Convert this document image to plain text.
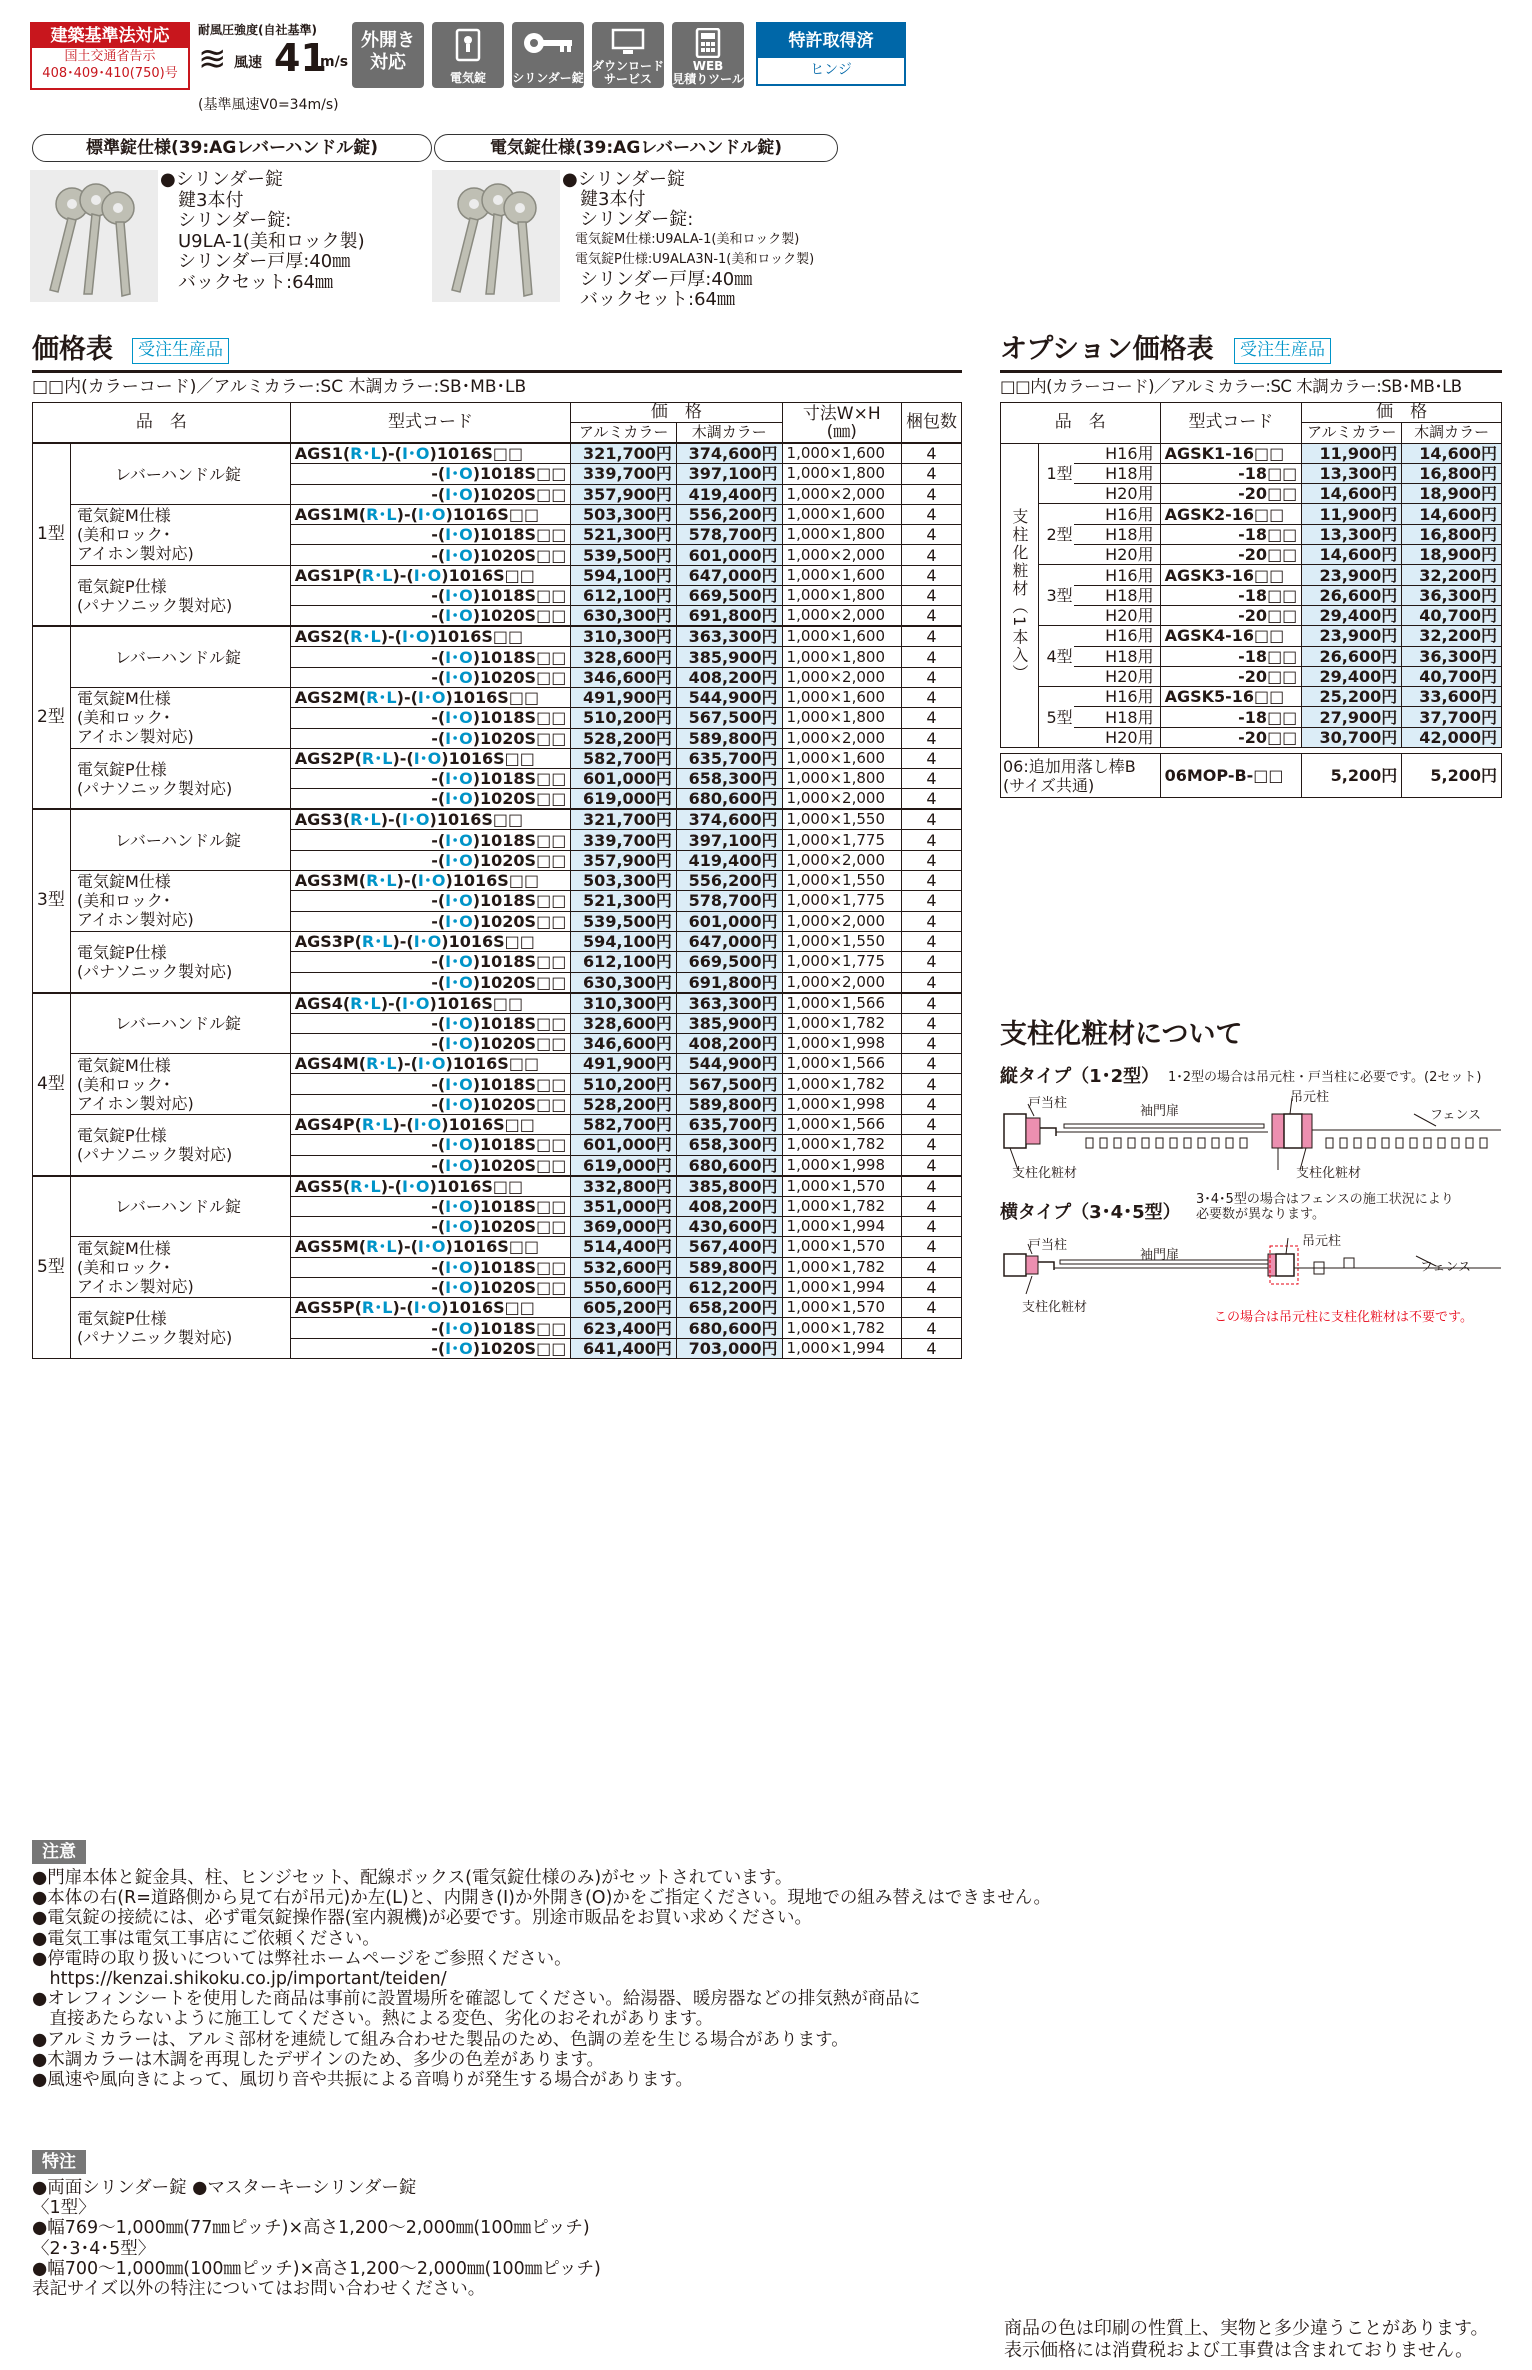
建築基準法対応
国土交通省告示
408･409･410(750)号
耐風圧強度(自社基準)
≋ 風速 41
m/s
(基準風速V0=34m/s)
外開き
対応
電気錠	シリンダー錠
ダウンロード
サービス
WEB
見積りツール
特許取得済
ヒンジ
標準錠仕様(39:AGレバーハンドル錠)	電気錠仕様(39:AGレバーハンドル錠)
●シリンダー錠
　鍵3本付
　シリンダー錠:
　U9LA-1(美和ロック製)
　シリンダー戸厚:40㎜
　バックセット:64㎜
●シリンダー錠
　鍵3本付
　シリンダー錠:
　電気錠M仕様:U9ALA-1(美和ロック製)
　電気錠P仕様:U9ALA3N-1(美和ロック製)
　シリンダー戸厚:40㎜
　バックセット:64㎜
価格表	受注生産品
□□内(カラーコード)／アルミカラー:SC 木調カラー:SB･MB･LB
品　名		型式コード	価　格		寸法W×H
(㎜)	梱包数
			アルミカラー	木調カラー		
1型	レバーハンドル錠	AGS1(R･L)-(I･O)1016S□□	321,700円	374,600円	1,000×1,600	4
		-(I･O)1018S□□	339,700円	397,100円	1,000×1,800	4
		-(I･O)1020S□□	357,900円	419,400円	1,000×2,000	4

	電気錠M仕様
(美和ロック･
アイホン製対応)	AGS1M(R･L)-(I･O)1016S□□	503,300円	556,200円	1,000×1,600	4
		-(I･O)1018S□□	521,300円	578,700円	1,000×1,800	4
		-(I･O)1020S□□	539,500円	601,000円	1,000×2,000	4

	電気錠P仕様
(パナソニック製対応)	AGS1P(R･L)-(I･O)1016S□□	594,100円	647,000円	1,000×1,600	4
		-(I･O)1018S□□	612,100円	669,500円	1,000×1,800	4
		-(I･O)1020S□□	630,300円	691,800円	1,000×2,000	4
2型	レバーハンドル錠	AGS2(R･L)-(I･O)1016S□□	310,300円	363,300円	1,000×1,600	4
		-(I･O)1018S□□	328,600円	385,900円	1,000×1,800	4
		-(I･O)1020S□□	346,600円	408,200円	1,000×2,000	4

	電気錠M仕様
(美和ロック･
アイホン製対応)	AGS2M(R･L)-(I･O)1016S□□	491,900円	544,900円	1,000×1,600	4
		-(I･O)1018S□□	510,200円	567,500円	1,000×1,800	4
		-(I･O)1020S□□	528,200円	589,800円	1,000×2,000	4

	電気錠P仕様
(パナソニック製対応)	AGS2P(R･L)-(I･O)1016S□□	582,700円	635,700円	1,000×1,600	4
		-(I･O)1018S□□	601,000円	658,300円	1,000×1,800	4
		-(I･O)1020S□□	619,000円	680,600円	1,000×2,000	4
3型	レバーハンドル錠	AGS3(R･L)-(I･O)1016S□□	321,700円	374,600円	1,000×1,550	4
		-(I･O)1018S□□	339,700円	397,100円	1,000×1,775	4
		-(I･O)1020S□□	357,900円	419,400円	1,000×2,000	4

	電気錠M仕様
(美和ロック･
アイホン製対応)	AGS3M(R･L)-(I･O)1016S□□	503,300円	556,200円	1,000×1,550	4
		-(I･O)1018S□□	521,300円	578,700円	1,000×1,775	4
		-(I･O)1020S□□	539,500円	601,000円	1,000×2,000	4

	電気錠P仕様
(パナソニック製対応)	AGS3P(R･L)-(I･O)1016S□□	594,100円	647,000円	1,000×1,550	4
		-(I･O)1018S□□	612,100円	669,500円	1,000×1,775	4
		-(I･O)1020S□□	630,300円	691,800円	1,000×2,000	4
4型	レバーハンドル錠	AGS4(R･L)-(I･O)1016S□□	310,300円	363,300円	1,000×1,566	4
		-(I･O)1018S□□	328,600円	385,900円	1,000×1,782	4
		-(I･O)1020S□□	346,600円	408,200円	1,000×1,998	4

	電気錠M仕様
(美和ロック･
アイホン製対応)	AGS4M(R･L)-(I･O)1016S□□	491,900円	544,900円	1,000×1,566	4
		-(I･O)1018S□□	510,200円	567,500円	1,000×1,782	4
		-(I･O)1020S□□	528,200円	589,800円	1,000×1,998	4

	電気錠P仕様
(パナソニック製対応)	AGS4P(R･L)-(I･O)1016S□□	582,700円	635,700円	1,000×1,566	4
		-(I･O)1018S□□	601,000円	658,300円	1,000×1,782	4
		-(I･O)1020S□□	619,000円	680,600円	1,000×1,998	4
5型	レバーハンドル錠	AGS5(R･L)-(I･O)1016S□□	332,800円	385,800円	1,000×1,570	4
		-(I･O)1018S□□	351,000円	408,200円	1,000×1,782	4
		-(I･O)1020S□□	369,000円	430,600円	1,000×1,994	4

	電気錠M仕様
(美和ロック･
アイホン製対応)	AGS5M(R･L)-(I･O)1016S□□	514,400円	567,400円	1,000×1,570	4
		-(I･O)1018S□□	532,600円	589,800円	1,000×1,782	4
		-(I･O)1020S□□	550,600円	612,200円	1,000×1,994	4

	電気錠P仕様
(パナソニック製対応)	AGS5P(R･L)-(I･O)1016S□□	605,200円	658,200円	1,000×1,570	4
		-(I･O)1018S□□	623,400円	680,600円	1,000×1,782	4
		-(I･O)1020S□□	641,400円	703,000円	1,000×1,994	4
オプション価格表	受注生産品
□□内(カラーコード)／アルミカラー:SC 木調カラー:SB･MB･LB
品　名			型式コード	価　格	
				アルミカラー	木調カラー
支柱化粧材（1本入）	1型	H16用	AGSK1-16□□	11,900円	14,600円
		H18用	-18□□	13,300円	16,800円
		H20用	-20□□	14,600円	18,900円
	2型	H16用	AGSK2-16□□	11,900円	14,600円
		H18用	-18□□	13,300円	16,800円
		H20用	-20□□	14,600円	18,900円
	3型	H16用	AGSK3-16□□	23,900円	32,200円
		H18用	-18□□	26,600円	36,300円
		H20用	-20□□	29,400円	40,700円
	4型	H16用	AGSK4-16□□	23,900円	32,200円
		H18用	-18□□	26,600円	36,300円
		H20用	-20□□	29,400円	40,700円
	5型	H16用	AGSK5-16□□	25,200円	33,600円
		H18用	-18□□	27,900円	37,700円
		H20用	-20□□	30,700円	42,000円

06:追加用落し棒B
(サイズ共通)			06MOP-B-□□	5,200円	5,200円
支柱化粧材について
縦タイプ（1･2型） 1･2型の場合は吊元柱・戸当柱に必要です。(2セット)
戸当柱	吊元柱
袖門扉	フェンス
支柱化粧材	支柱化粧材
横タイプ（3･4･5型）
3･4･5型の場合はフェンスの施工状況により
必要数が異なります。
戸当柱	吊元柱
袖門扉
フェンス
支柱化粧材
この場合は吊元柱に支柱化粧材は不要です。
注意
●門扉本体と錠金具、柱、ヒンジセット、配線ボックス(電気錠仕様のみ)がセットされています。
●本体の右(R=道路側から見て右が吊元)か左(L)と、内開き(I)か外開き(O)かをご指定ください。現地での組み替えはできません。
●電気錠の接続には、必ず電気錠操作器(室内親機)が必要です。別途市販品をお買い求めください。
●電気工事は電気工事店にご依頼ください。
●停電時の取り扱いについては弊社ホームページをご参照ください。
　https://kenzai.shikoku.co.jp/important/teiden/
●オレフィンシートを使用した商品は事前に設置場所を確認してください。給湯器、暖房器などの排気熱が商品に
　直接あたらないように施工してください。熱による変色、劣化のおそれがあります。
●アルミカラーは、アルミ部材を連続して組み合わせた製品のため、色調の差を生じる場合があります。
●木調カラーは木調を再現したデザインのため、多少の色差があります。
●風速や風向きによって、風切り音や共振による音鳴りが発生する場合があります。
特注
●両面シリンダー錠 ●マスターキーシリンダー錠
〈1型〉
●幅769～1,000㎜(77㎜ピッチ)×高さ1,200～2,000㎜(100㎜ピッチ)
〈2･3･4･5型〉
●幅700～1,000㎜(100㎜ピッチ)×高さ1,200～2,000㎜(100㎜ピッチ)
表記サイズ以外の特注についてはお問い合わせください。
商品の色は印刷の性質上、実物と多少違うことがあります。
表示価格には消費税および工事費は含まれておりません。
